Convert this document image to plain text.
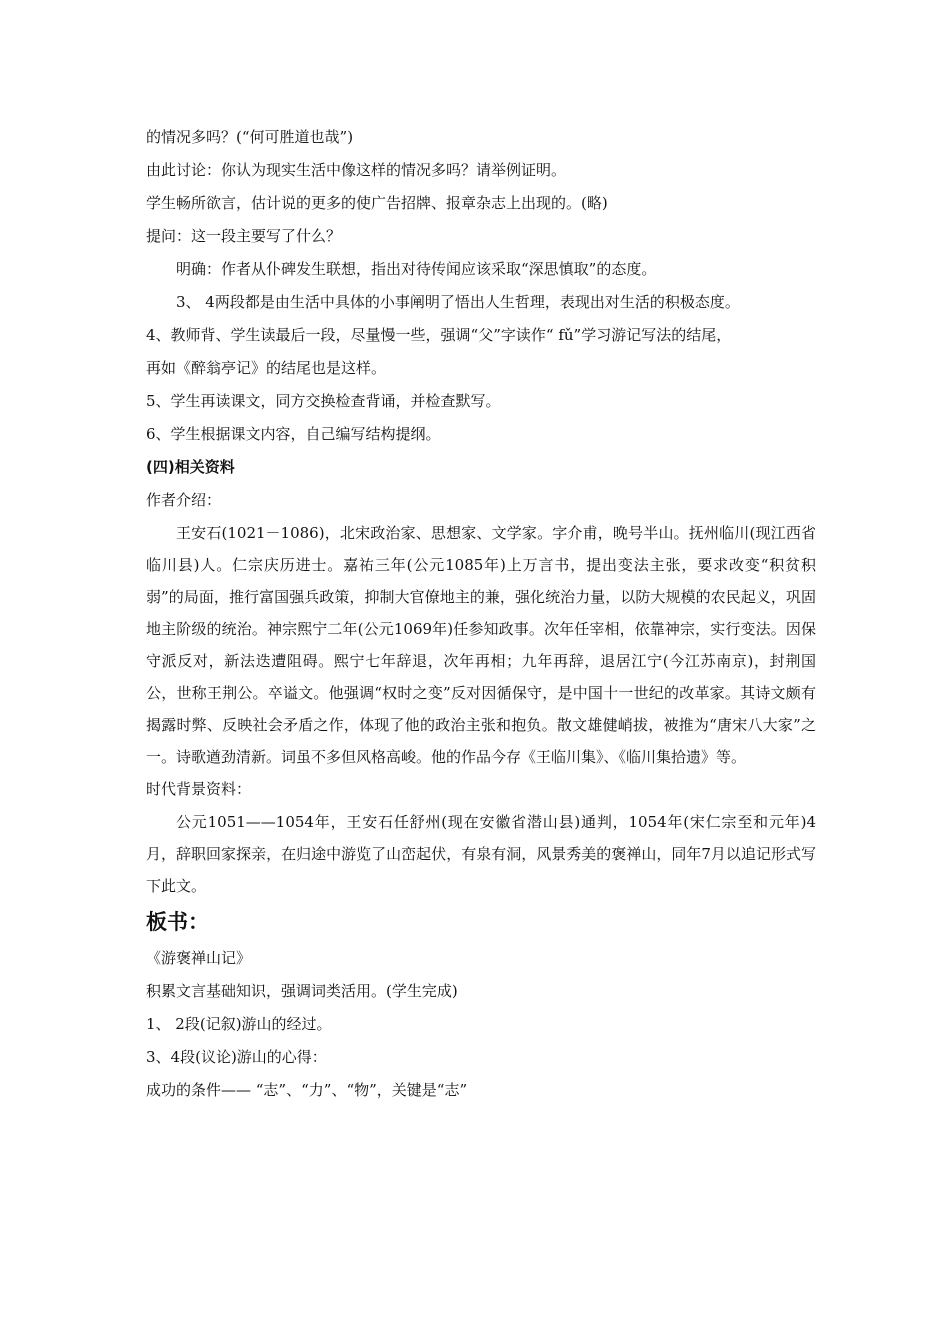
的情况多吗？(“何可胜道也哉”)

由此讨论：你认为现实生活中像这样的情况多吗？请举例证明。

学生畅所欲言，估计说的更多的使广告招牌、报章杂志上出现的。(略)

提问：这一段主要写了什么？

明确：作者从仆碑发生联想，指出对待传闻应该采取“深思慎取”的态度。

3、 4两段都是由生活中具体的小事阐明了悟出人生哲理，表现出对生活的积极态度。

4、教师背、学生读最后一段，尽量慢一些，强调“父”字读作“ fǔ”学习游记写法的结尾，

再如《醉翁亭记》的结尾也是这样。

5、学生再读课文，同方交换检查背诵，并检查默写。

6、学生根据课文内容，自己编写结构提纲。

(四)相关资料

作者介绍：

王安石(1021－1086)，北宋政治家、思想家、文学家。字介甫，晚号半山。抚州临川(现江西省临川县)人。仁宗庆历进士。嘉祐三年(公元1085年)上万言书，提出变法主张，要求改变“积贫积弱”的局面，推行富国强兵政策，抑制大官僚地主的兼，强化统治力量，以防大规模的农民起义，巩固地主阶级的统治。神宗熙宁二年(公元1069年)任参知政事。次年任宰相，依靠神宗，实行变法。因保守派反对，新法迭遭阻碍。熙宁七年辞退，次年再相；九年再辞，退居江宁(今江苏南京)，封荆国公，世称王荆公。卒谥文。他强调“权时之变”反对因循保守，是中国十一世纪的改革家。其诗文颇有揭露时弊、反映社会矛盾之作，体现了他的政治主张和抱负。散文雄健峭拔，被推为“唐宋八大家”之一。诗歌遒劲清新。词虽不多但风格高峻。他的作品今存《王临川集》、《临川集拾遗》等。

时代背景资料：

公元1051——1054年，王安石任舒州(现在安徽省潜山县)通判，1054年(宋仁宗至和元年)4月，辞职回家探亲，在归途中游览了山峦起伏，有泉有洞，风景秀美的褒禅山，同年7月以追记形式写下此文。

板书：

《游褒禅山记》

积累文言基础知识，强调词类活用。(学生完成)

1、 2段(记叙)游山的经过。

3、4段(议论)游山的心得：

成功的条件—— “志”、“力”、“物”，关键是“志”
